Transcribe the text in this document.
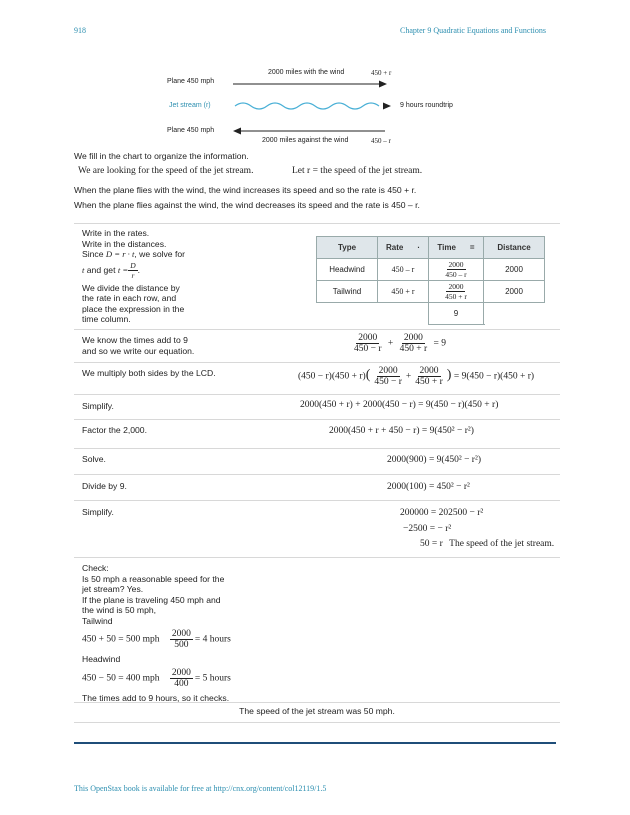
918	Chapter 9 Quadratic Equations and Functions
Plane 450 mph
2000 miles with the wind	450 + r
Jet stream (r)	9 hours roundtrip
Plane 450 mph
2000 miles against the wind	450 – r
We fill in the chart to organize the information.
We are looking for the speed of the jet stream.	Let r = the speed of the jet stream.
When the plane flies with the wind, the wind increases its speed and so the rate is 450 + r.
When the plane flies against the wind, the wind decreases its speed and the rate is 450 – r.
Write in the rates.
Write in the distances.
Since D = r · t, we solve for
t and get $t = \frac{D}{r}$ .
We divide the distance by
the rate in each row, and
place the expression in the
time column.
Type	Rate ·	Time =	Distance
Headwind	450 – r	$\frac{2000}{450 - r}$	2000
Tailwind	450 + r	$\frac{2000}{450 + r}$	2000
		9	
We know the times add to 9
and so we write our equation.	$\frac{2000}{450 - r} + \frac{2000}{450 + r} = 9$
We multiply both sides by the LCD.	$(450 - r)(450 + r)( \frac{2000}{450 - r} + \frac{2000}{450 + r}$ ) = 9(450 − r)(450 + r)
Simplify.	2000(450 + r) + 2000(450 − r) = 9(450 − r)(450 + r)
Factor the 2,000.	2000(450 + r + 450 − r) = 9(450² − r²)
Solve.	2000(900) = 9(450² − r²)
Divide by 9.	2000(100) = 450² − r²
Simplify.	200000 = 202500 − r²
−2500 = − r²
50 = r The speed of the jet stream.
Check:
Is 50 mph a reasonable speed for the
jet stream? Yes.
If the plane is traveling 450 mph and
the wind is 50 mph,
Tailwind
450 + 50 = 500 mph $\frac{2000}{500} = 4$ hours
Headwind
450 − 50 = 400 mph $\frac{2000}{400} = 5$ hours
The times add to 9 hours, so it checks.
The speed of the jet stream was 50 mph.
This OpenStax book is available for free at http://cnx.org/content/col12119/1.5
